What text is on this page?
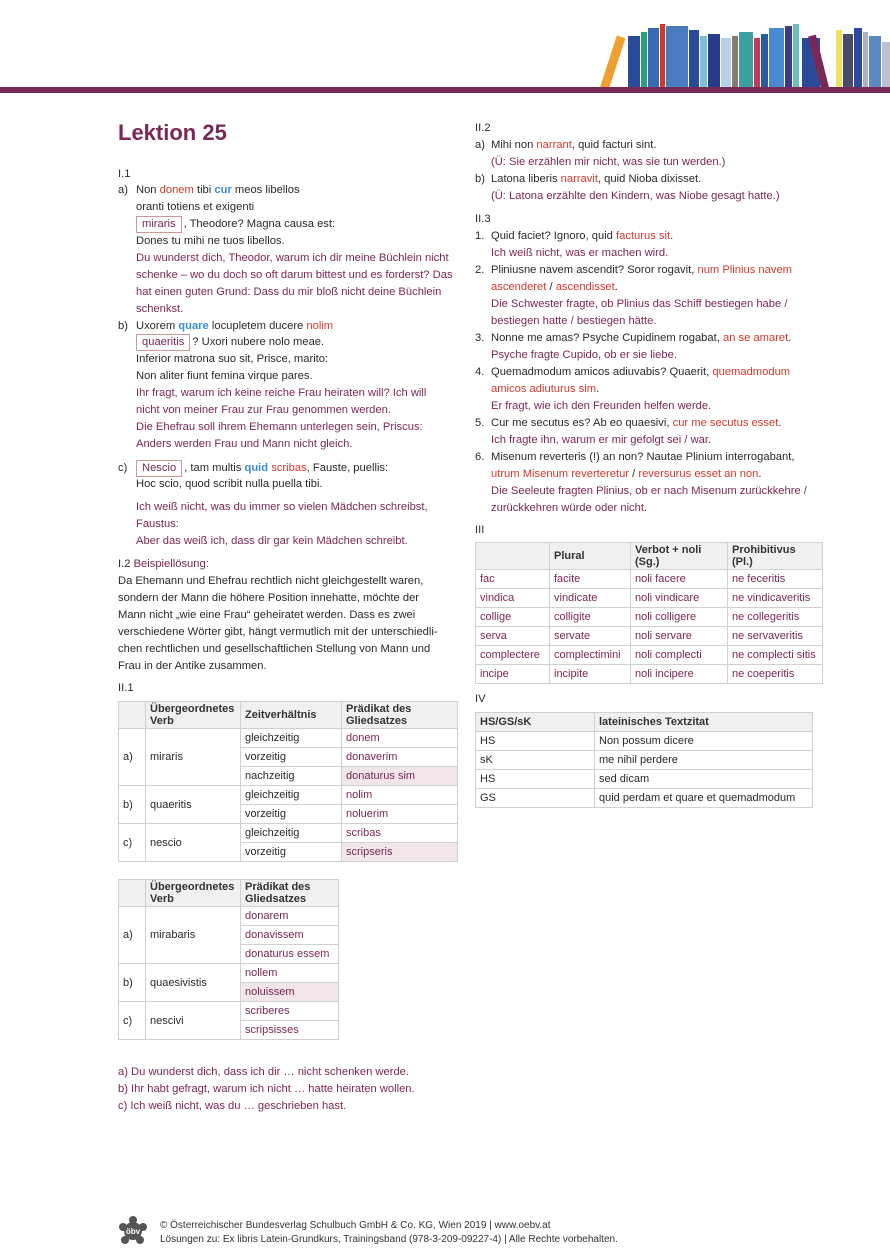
Lektion 25
I.1
a) Non donem tibi cur meos libellos
oranti totiens et exigenti
miraris , Theodore? Magna causa est:
Dones tu mihi ne tuos libellos.
Du wunderst dich, Theodor, warum ich dir meine Büchlein nicht
schenke – wo du doch so oft darum bittest und es forderst? Das
hat einen guten Grund: Dass du mir bloß nicht deine Büchlein
schenkst.
b) Uxorem quare locupletem ducere nolim
quaeritis ? Uxori nubere nolo meae.
Inferior matrona suo sit, Prisce, marito:
Non aliter fiunt femina virque pares.
Ihr fragt, warum ich keine reiche Frau heiraten will? Ich will
nicht von meiner Frau zur Frau genommen werden.
Die Ehefrau soll ihrem Ehemann unterlegen sein, Priscus:
Anders werden Frau und Mann nicht gleich.
c)	Nescio , tam multis quid scribas, Fauste, puellis:
Hoc scio, quod scribit nulla puella tibi.
Ich weiß nicht, was du immer so vielen Mädchen schreibst,
Faustus:
Aber das weiß ich, dass dir gar kein Mädchen schreibt.
I.2 Beispiellösung:
Da Ehemann und Ehefrau rechtlich nicht gleichgestellt waren,
sondern der Mann die höhere Position innehatte, möchte der
Mann nicht „wie eine Frau“ geheiratet werden. Dass es zwei
verschiedene Wörter gibt, hängt vermutlich mit der unterschiedli-
chen rechtlichen und gesellschaftlichen Stellung von Mann und
Frau in der Antike zusammen.
II.1
	Übergeordnetes Verb	Zeitverhältnis	Prädikat des Gliedsatzes
a)	miraris	gleichzeitig	donem
		vorzeitig	donaverim
		nachzeitig	donaturus sim
b)	quaeritis	gleichzeitig	nolim
		vorzeitig	noluerim
c)	nescio	gleichzeitig	scribas
		vorzeitig	scripseris
	Übergeordnetes Verb	Prädikat des Gliedsatzes
a)	mirabaris	donarem
		donavissem
		donaturus essem
b)	quaesivistis	nollem
		noluissem
c)	nescivi	scriberes
		scripsisses
a) Du wunderst dich, dass ich dir … nicht schenken werde.
b) Ihr habt gefragt, warum ich nicht … hatte heiraten wollen.
c) Ich weiß nicht, was du … geschrieben hast.
II.2
a) Mihi non narrant, quid facturi sint.
(Ü: Sie erzählen mir nicht, was sie tun werden.)
b) Latona liberis narravit, quid Nioba dixisset.
(Ü: Latona erzählte den Kindern, was Niobe gesagt hatte.)
II.3
1. Quid faciet? Ignoro, quid facturus sit.
Ich weiß nicht, was er machen wird.
2. Pliniusne navem ascendit? Soror rogavit, num Plinius navem
ascenderet / ascendisset.
Die Schwester fragte, ob Plinius das Schiff bestiegen habe /
bestiegen hatte / bestiegen hätte.
3. Nonne me amas? Psyche Cupidinem rogabat, an se amaret.
Psyche fragte Cupido, ob er sie liebe.
4. Quemadmodum amicos adiuvabis? Quaerit, quemadmodum
amicos adiuturus sim.
Er fragt, wie ich den Freunden helfen werde.
5. Cur me secutus es? Ab eo quaesivi, cur me secutus esset.
Ich fragte ihn, warum er mir gefolgt sei / war.
6. Misenum reverteris (!) an non? Nautae Plinium interrogabant,
utrum Misenum reverteretur / reversurus esset an non.
Die Seeleute fragten Plinius, ob er nach Misenum zurückkehre /
zurückkehren würde oder nicht.
III
	Plural	Verbot + noli (Sg.)	Prohibitivus (Pl.)
fac	facite	noli facere	ne feceritis
vindica	vindicate	noli vindicare	ne vindicaveritis
collige	colligite	noli colligere	ne collegeritis
serva	servate	noli servare	ne servaveritis
complectere	complectimini	noli complecti	ne complecti sitis
incipe	incipite	noli incipere	ne coeperitis
IV
HS/GS/sK	lateinisches Textzitat
HS	Non possum dicere
sK	me nihil perdere
HS	sed dicam
GS	quid perdam et quare et quemadmodum
öbv
© Österreichischer Bundesverlag Schulbuch GmbH & Co. KG, Wien 2019 | www.oebv.at
Lösungen zu: Ex libris Latein-Grundkurs, Trainingsband (978-3-209-09227-4) | Alle Rechte vorbehalten.
